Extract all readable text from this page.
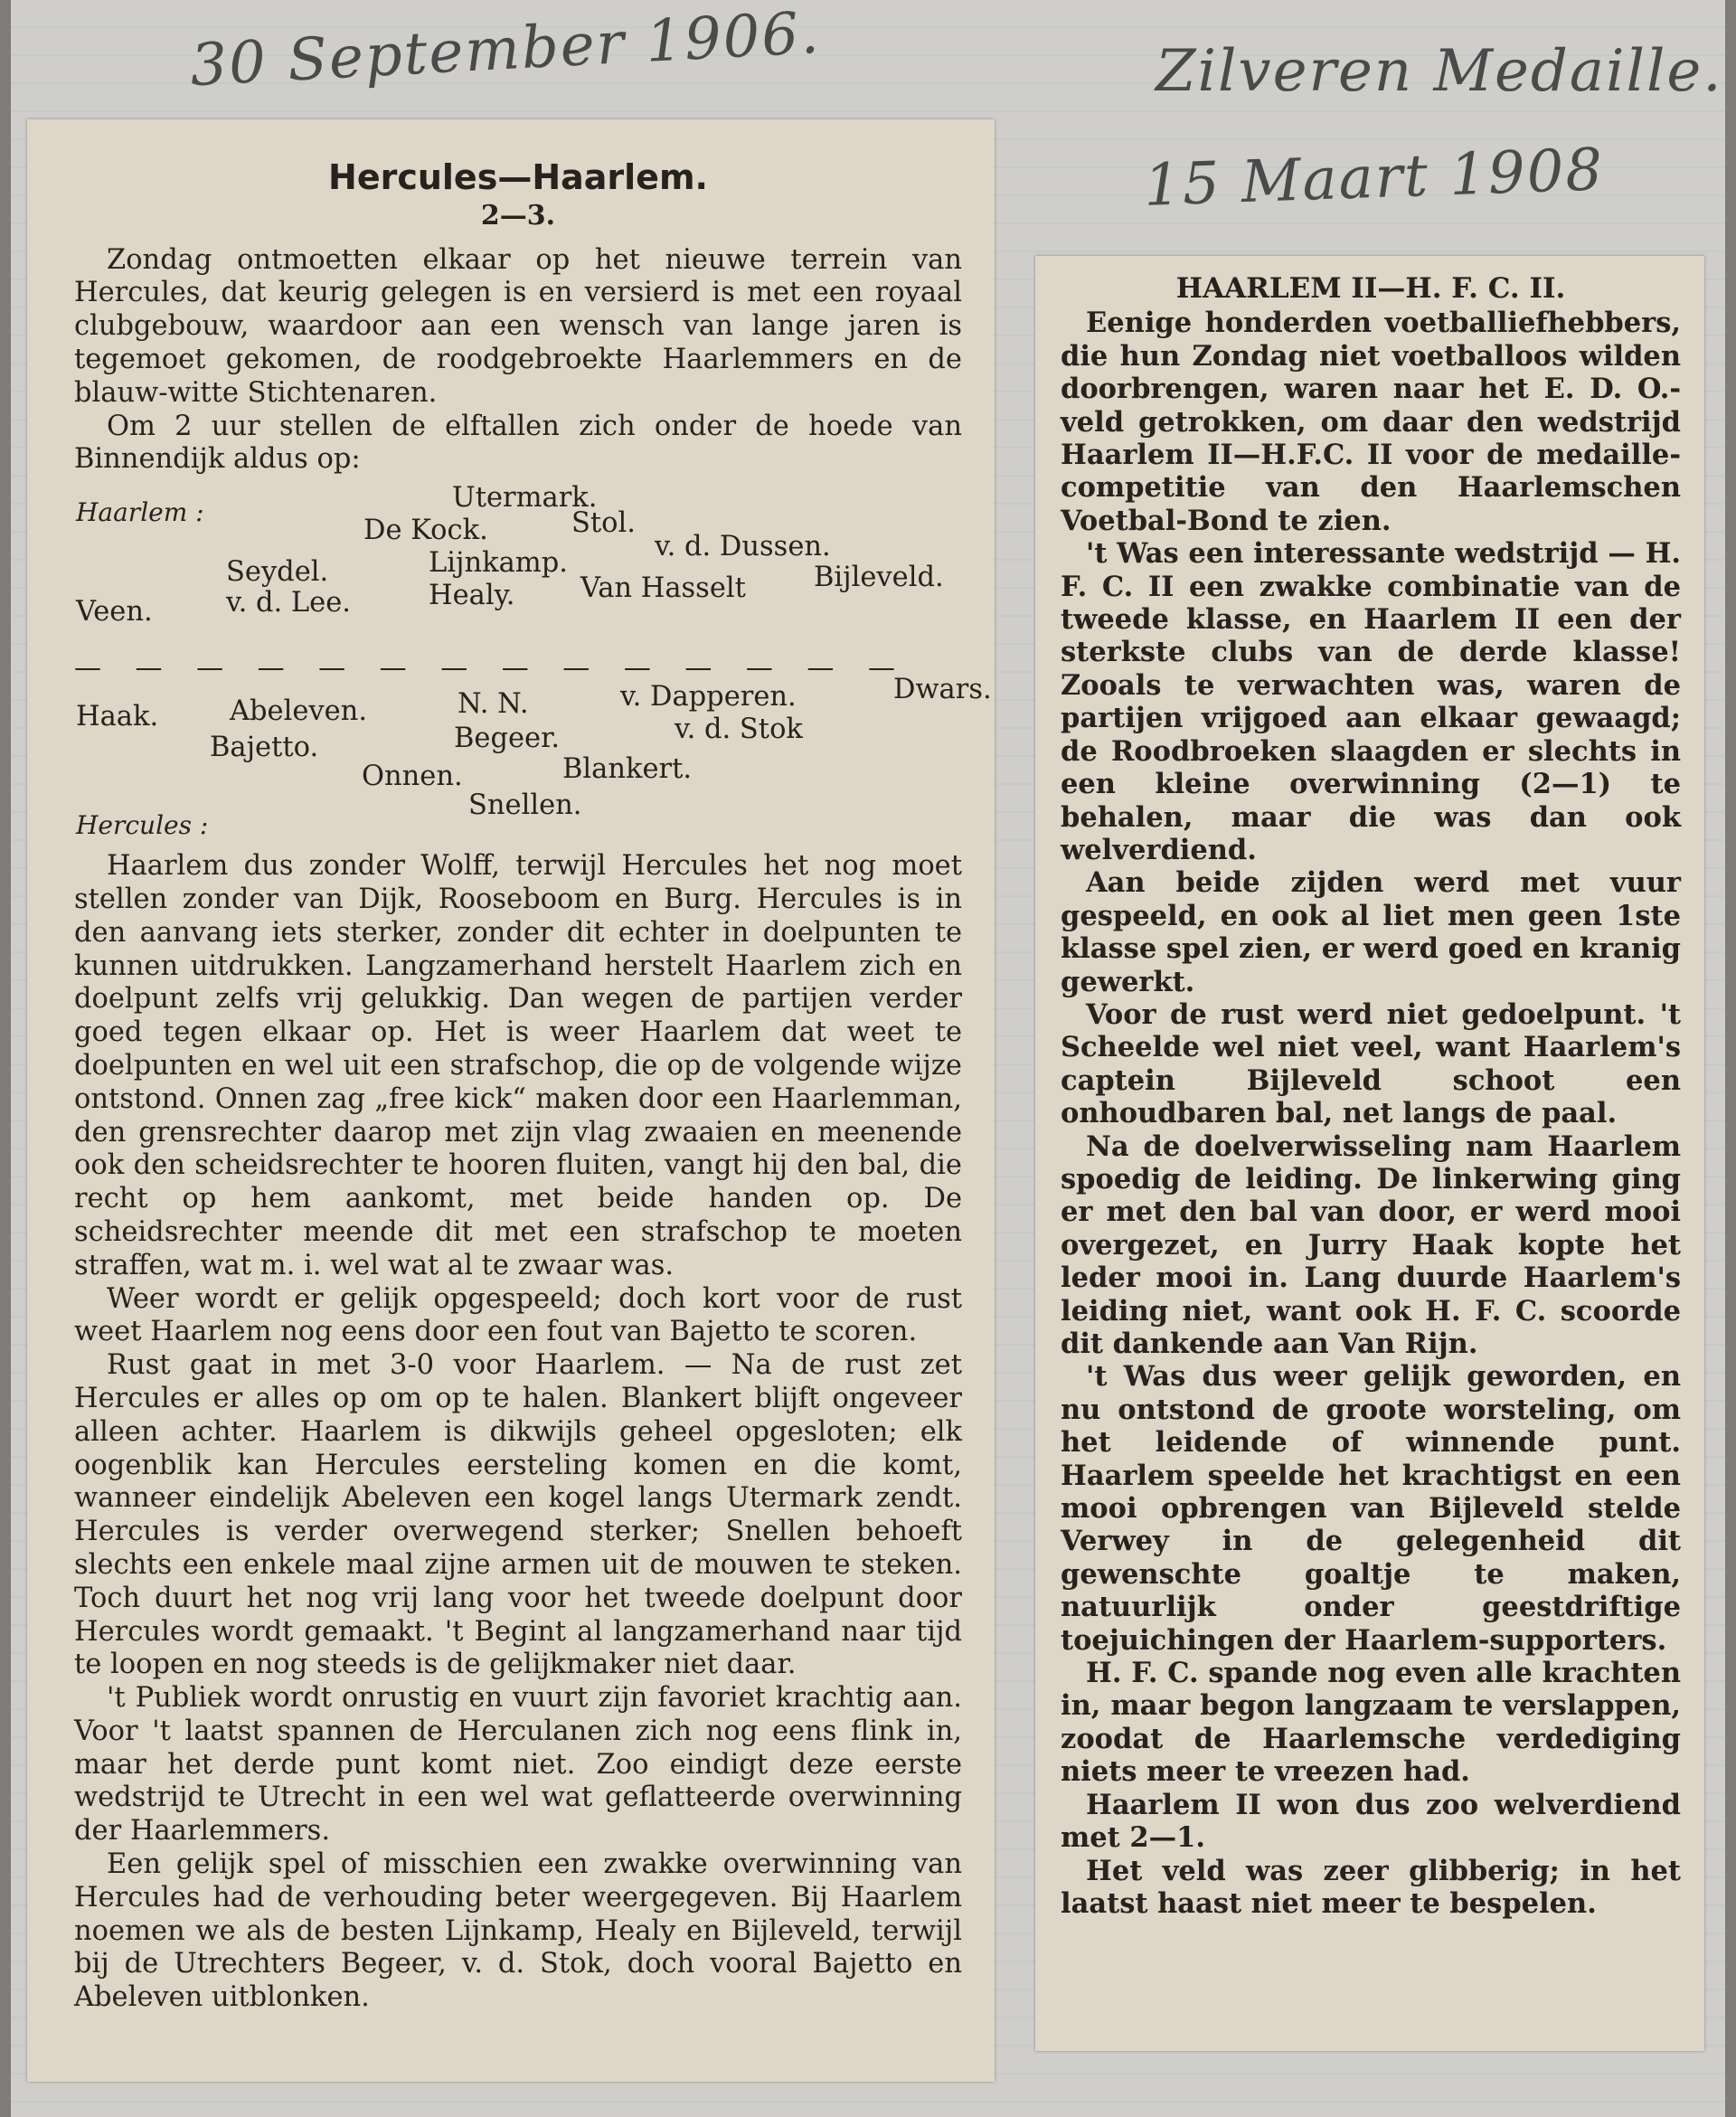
30 September 1906.	Zilveren Medaille.
15 Maart 1908
Hercules—Haarlem.
2—3.

Zondag ontmoetten elkaar op het nieuwe terrein van Hercules, dat keurig gelegen is en versierd is met een royaal clubgebouw, waardoor aan een wensch van lange jaren is tegemoet gekomen, de roodgebroekte Haarlemmers en de blauw-witte Stichtenaren.

Om 2 uur stellen de elftallen zich onder de hoede van Binnendijk aldus op:

Haarlem :	Utermark.
De Kock.	Stol.
Seydel.	Lijnkamp.
v. d. Dussen.
Veen.	v. d. Lee.	Healy. Van Hasselt Bijleveld.
— — — — — — — — — — — — — —
Haak.	Abeleven.	N. N.	v. Dapperen.	Dwars.
Bajetto.	Begeer.	v. d. Stok
Onnen.	Blankert.
Snellen.
Hercules :

Haarlem dus zonder Wolff, terwijl Hercules het nog moet stellen zonder van Dijk, Rooseboom en Burg. Hercules is in den aanvang iets sterker, zonder dit echter in doelpunten te kunnen uitdrukken. Langzamerhand herstelt Haarlem zich en doelpunt zelfs vrij gelukkig. Dan wegen de partijen verder goed tegen elkaar op. Het is weer Haarlem dat weet te doelpunten en wel uit een strafschop, die op de volgende wijze ontstond. Onnen zag „free kick“ maken door een Haarlemman, den grensrechter daarop met zijn vlag zwaaien en meenende ook den scheidsrechter te hooren fluiten, vangt hij den bal, die recht op hem aankomt, met beide handen op. De scheidsrechter meende dit met een strafschop te moeten straffen, wat m. i. wel wat al te zwaar was.

Weer wordt er gelijk opgespeeld; doch kort voor de rust weet Haarlem nog eens door een fout van Bajetto te scoren.

Rust gaat in met 3-0 voor Haarlem. — Na de rust zet Hercules er alles op om op te halen. Blankert blijft ongeveer alleen achter. Haarlem is dikwijls geheel opgesloten; elk oogenblik kan Hercules eersteling komen en die komt, wanneer eindelijk Abeleven een kogel langs Utermark zendt. Hercules is verder overwegend sterker; Snellen behoeft slechts een enkele maal zijne armen uit de mouwen te steken. Toch duurt het nog vrij lang voor het tweede doelpunt door Hercules wordt gemaakt. 't Begint al langzamerhand naar tijd te loopen en nog steeds is de gelijkmaker niet daar.

't Publiek wordt onrustig en vuurt zijn favoriet krachtig aan. Voor 't laatst spannen de Herculanen zich nog eens flink in, maar het derde punt komt niet. Zoo eindigt deze eerste wedstrijd te Utrecht in een wel wat geflatteerde overwinning der Haarlemmers.

Een gelijk spel of misschien een zwakke overwinning van Hercules had de verhouding beter weergegeven. Bij Haarlem noemen we als de besten Lijnkamp, Healy en Bijleveld, terwijl bij de Utrechters Begeer, v. d. Stok, doch vooral Bajetto en Abeleven uitblonken.

HAARLEM II—H. F. C. II.

Eenige honderden voetballiefhebbers, die hun Zondag niet voetballoos wilden doorbrengen, waren naar het E. D. O.-veld getrokken, om daar den wedstrijd Haarlem II—H.F.C. II voor de medaille-competitie van den Haarlemschen Voetbal-Bond te zien.

't Was een interessante wedstrijd — H. F. C. II een zwakke combinatie van de tweede klasse, en Haarlem II een der sterkste clubs van de derde klasse! Zooals te verwachten was, waren de partijen vrijgoed aan elkaar gewaagd; de Roodbroeken slaagden er slechts in een kleine overwinning (2—1) te behalen, maar die was dan ook welverdiend.

Aan beide zijden werd met vuur gespeeld, en ook al liet men geen 1ste klasse spel zien, er werd goed en kranig gewerkt.

Voor de rust werd niet gedoelpunt. 't Scheelde wel niet veel, want Haarlem's captein Bijleveld schoot een onhoudbaren bal, net langs de paal.

Na de doelverwisseling nam Haarlem spoedig de leiding. De linkerwing ging er met den bal van door, er werd mooi overgezet, en Jurry Haak kopte het leder mooi in. Lang duurde Haarlem's leiding niet, want ook H. F. C. scoorde dit dankende aan Van Rijn.

't Was dus weer gelijk geworden, en nu ontstond de groote worsteling, om het leidende of winnende punt. Haarlem speelde het krachtigst en een mooi opbrengen van Bijleveld stelde Verwey in de gelegenheid dit gewenschte goaltje te maken, natuurlijk onder geestdriftige toejuichingen der Haarlem-supporters.

H. F. C. spande nog even alle krachten in, maar begon langzaam te verslappen, zoodat de Haarlemsche verdediging niets meer te vreezen had.

Haarlem II won dus zoo welverdiend met 2—1.

Het veld was zeer glibberig; in het laatst haast niet meer te bespelen.
